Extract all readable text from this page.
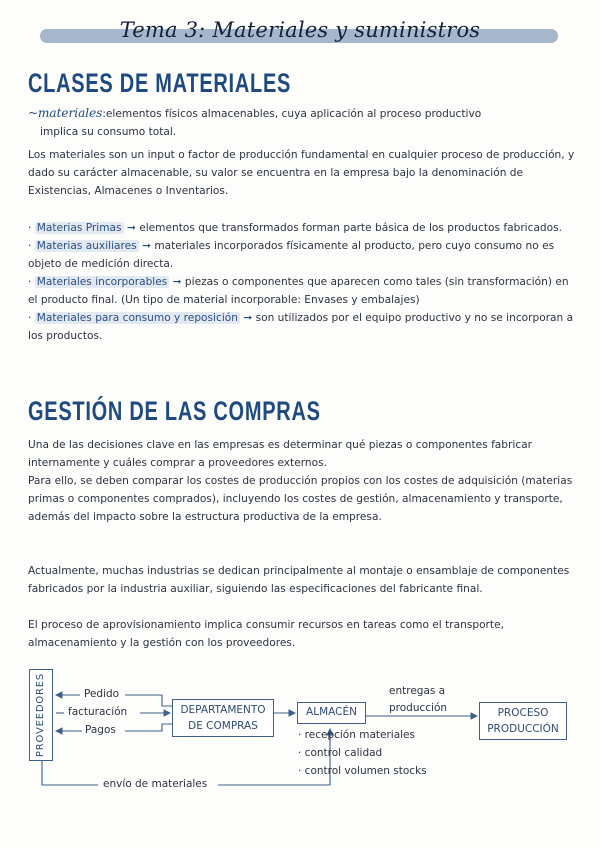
Tema 3: Materiales y suministros
CLASES DE MATERIALES
~materiales:elementos físicos almacenables, cuya aplicación al proceso productivo
implica su consumo total.
Los materiales son un input o factor de producción fundamental en cualquier proceso de producción, y dado su carácter almacenable, su valor se encuentra en la empresa bajo la denominación de Existencias, Almacenes o Inventarios.
· Materias Primas ➞ elementos que transformados forman parte básica de los productos fabricados.
· Materias auxiliares ➞ materiales incorporados físicamente al producto, pero cuyo consumo no es objeto de medición directa.
· Materiales incorporables ➞ piezas o componentes que aparecen como tales (sin transformación) en el producto final. (Un tipo de material incorporable: Envases y embalajes)
· Materiales para consumo y reposición ➞ son utilizados por el equipo productivo y no se incorporan a los productos.
GESTIÓN DE LAS COMPRAS
Una de las decisiones clave en las empresas es determinar qué piezas o componentes fabricar internamente y cuáles comprar a proveedores externos.
Para ello, se deben comparar los costes de producción propios con los costes de adquisición (materias primas o componentes comprados), incluyendo los costes de gestión, almacenamiento y transporte, además del impacto sobre la estructura productiva de la empresa.
Actualmente, muchas industrias se dedican principalmente al montaje o ensamblaje de componentes fabricados por la industria auxiliar, siguiendo las especificaciones del fabricante final.
El proceso de aprovisionamiento implica consumir recursos en tareas como el transporte, almacenamiento y la gestión con los proveedores.
PROVEEDORES	Pedido
facturación
Pagos
DEPARTAMENTO
DE COMPRAS
ALMACÉN
entregas a
producción	PROCESO
PRODUCCIÓN
· recepción materiales
· control calidad
· control volumen stocks
envío de materiales
